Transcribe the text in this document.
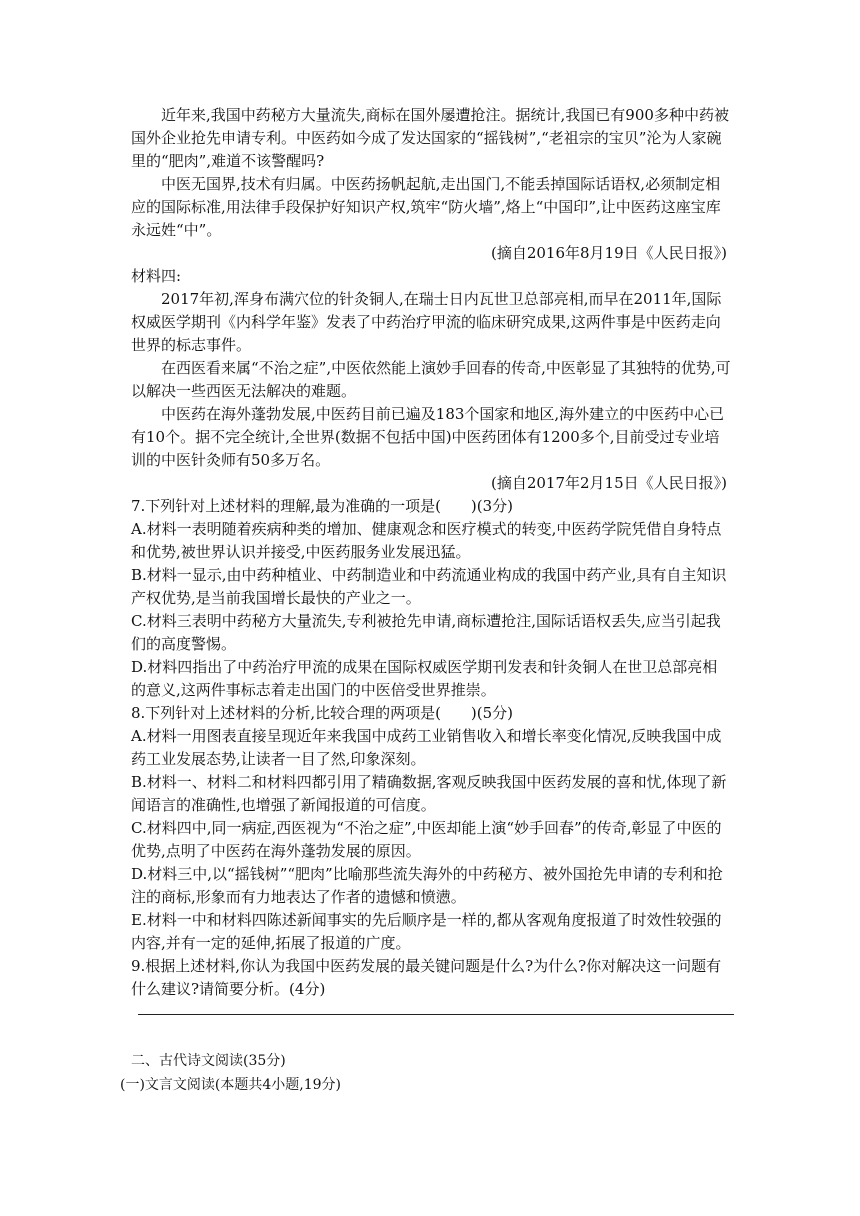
近年来,我国中药秘方大量流失,商标在国外屡遭抢注。据统计,我国已有900多种中药被国外企业抢先申请专利。中医药如今成了发达国家的“摇钱树”,“老祖宗的宝贝”沦为人家碗里的“肥肉”,难道不该警醒吗?

中医无国界,技术有归属。中医药扬帆起航,走出国门,不能丢掉国际话语权,必须制定相应的国际标准,用法律手段保护好知识产权,筑牢“防火墙”,烙上“中国印”,让中医药这座宝库永远姓“中”。

(摘自2016年8月19日《人民日报》)

材料四:

2017年初,浑身布满穴位的针灸铜人,在瑞士日内瓦世卫总部亮相,而早在2011年,国际权威医学期刊《内科学年鉴》发表了中药治疗甲流的临床研究成果,这两件事是中医药走向世界的标志事件。

在西医看来属“不治之症”,中医依然能上演妙手回春的传奇,中医彰显了其独特的优势,可以解决一些西医无法解决的难题。

中医药在海外蓬勃发展,中医药目前已遍及183个国家和地区,海外建立的中医药中心已有10个。据不完全统计,全世界(数据不包括中国)中医药团体有1200多个,目前受过专业培训的中医针灸师有50多万名。

(摘自2017年2月15日《人民日报》)

7.下列针对上述材料的理解,最为准确的一项是(　　)(3分)

A.材料一表明随着疾病种类的增加、健康观念和医疗模式的转变,中医药学院凭借自身特点和优势,被世界认识并接受,中医药服务业发展迅猛。

B.材料一显示,由中药种植业、中药制造业和中药流通业构成的我国中药产业,具有自主知识产权优势,是当前我国增长最快的产业之一。

C.材料三表明中药秘方大量流失,专利被抢先申请,商标遭抢注,国际话语权丢失,应当引起我们的高度警惕。

D.材料四指出了中药治疗甲流的成果在国际权威医学期刊发表和针灸铜人在世卫总部亮相的意义,这两件事标志着走出国门的中医倍受世界推崇。

8.下列针对上述材料的分析,比较合理的两项是(　　)(5分)

A.材料一用图表直接呈现近年来我国中成药工业销售收入和增长率变化情况,反映我国中成药工业发展态势,让读者一目了然,印象深刻。

B.材料一、材料二和材料四都引用了精确数据,客观反映我国中医药发展的喜和忧,体现了新闻语言的准确性,也增强了新闻报道的可信度。

C.材料四中,同一病症,西医视为“不治之症”,中医却能上演“妙手回春”的传奇,彰显了中医的优势,点明了中医药在海外蓬勃发展的原因。

D.材料三中,以“摇钱树”“肥肉”比喻那些流失海外的中药秘方、被外国抢先申请的专利和抢注的商标,形象而有力地表达了作者的遗憾和愤懑。

E.材料一中和材料四陈述新闻事实的先后顺序是一样的,都从客观角度报道了时效性较强的内容,并有一定的延伸,拓展了报道的广度。

9.根据上述材料,你认为我国中医药发展的最关键问题是什么?为什么?你对解决这一问题有什么建议?请简要分析。(4分)

二、古代诗文阅读(35分)
(一)文言文阅读(本题共4小题,19分)
